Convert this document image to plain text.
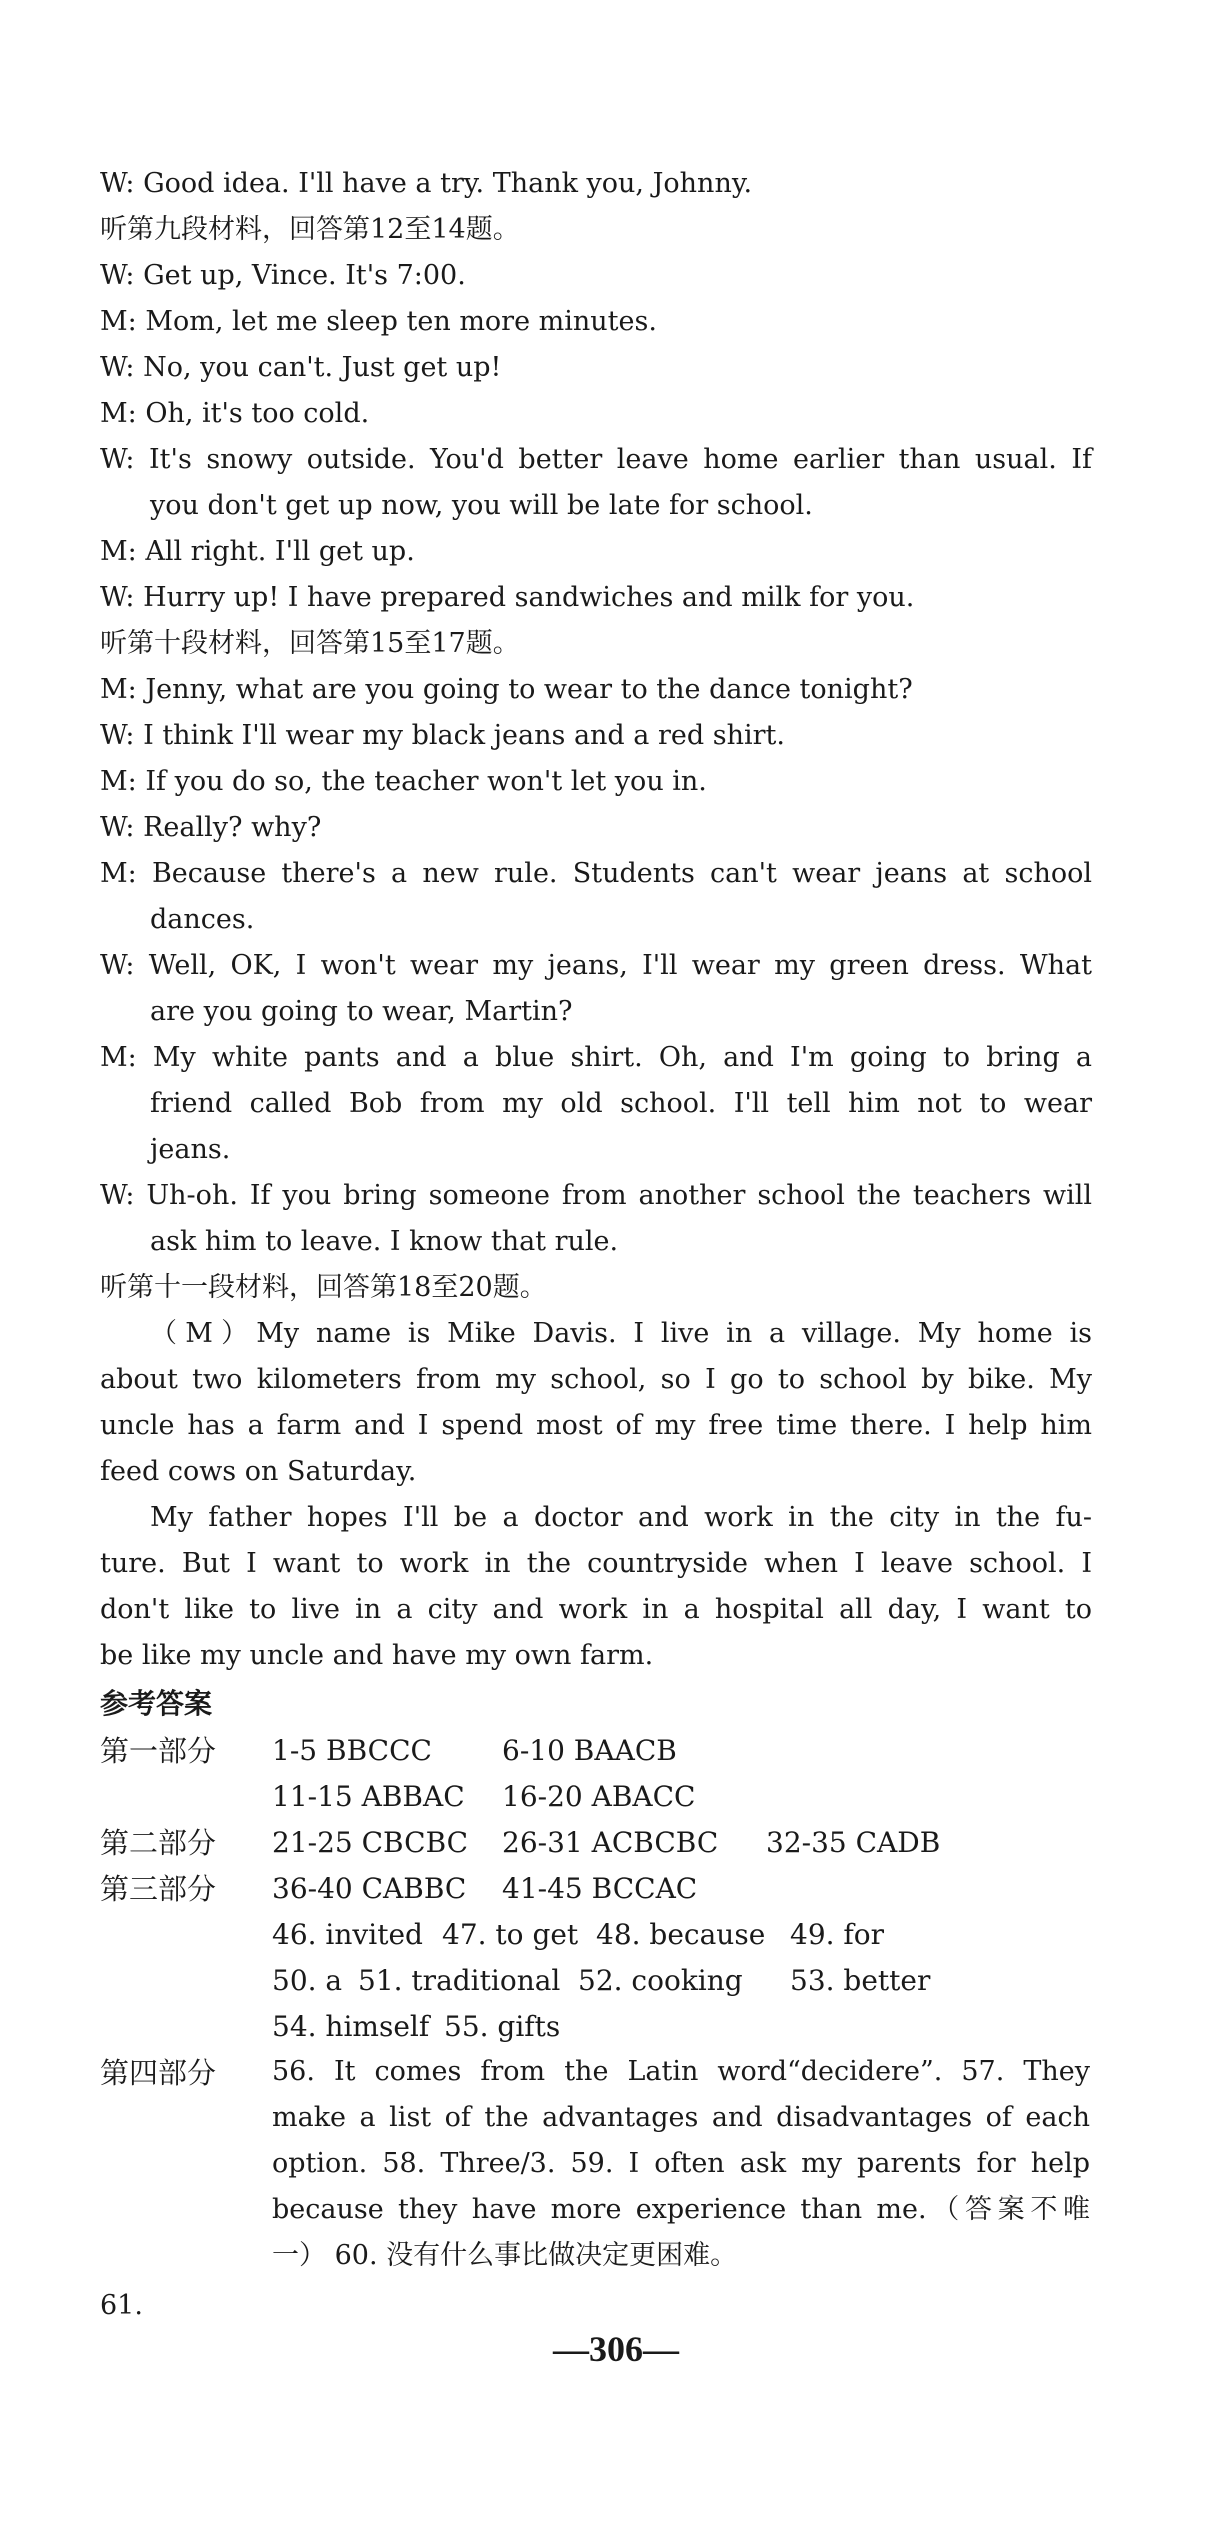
W: Good idea. I'll have a try. Thank you, Johnny.
听第九段材料，回答第12至14题。
W: Get up, Vince. It's 7:00.
M: Mom, let me sleep ten more minutes.
W: No, you can't. Just get up!
M: Oh, it's too cold.
W: It's snowy outside. You'd better leave home earlier than usual. If
you don't get up now, you will be late for school.
M: All right. I'll get up.
W: Hurry up! I have prepared sandwiches and milk for you.
听第十段材料，回答第15至17题。
M: Jenny, what are you going to wear to the dance tonight?
W: I think I'll wear my black jeans and a red shirt.
M: If you do so, the teacher won't let you in.
W: Really? why?
M: Because there's a new rule. Students can't wear jeans at school
dances.
W: Well, OK, I won't wear my jeans, I'll wear my green dress. What
are you going to wear, Martin?
M: My white pants and a blue shirt. Oh, and I'm going to bring a
friend called Bob from my old school. I'll tell him not to wear
jeans.
W: Uh-oh. If you bring someone from another school the teachers will
ask him to leave. I know that rule.
听第十一段材料，回答第18至20题。
（M）My name is Mike Davis. I live in a village. My home is
about two kilometers from my school, so I go to school by bike. My
uncle has a farm and I spend most of my free time there. I help him
feed cows on Saturday.
My father hopes I'll be a doctor and work in the city in the fu-
ture. But I want to work in the countryside when I leave school. I
don't like to live in a city and work in a hospital all day, I want to
be like my uncle and have my own farm.
参考答案
第一部分 1-5 BBCCC	6-10 BAACB
11-15 ABBAC 16-20 ABACC
第二部分 21-25 CBCBC 26-31 ACBCBC 32-35 CADB
第三部分 36-40 CABBC 41-45 BCCAC
46. invited 47. to get 48. because 49. for
50. a 51. traditional 52. cooking 53. better
54. himself 55. gifts
第四部分 56. It comes from the Latin word“decidere”. 57. They
make a list of the advantages and disadvantages of each
option. 58. Three/3. 59. I often ask my parents for help
because they have more experience than me.（答案不唯
一） 60. 没有什么事比做决定更困难。
61.
—306—
